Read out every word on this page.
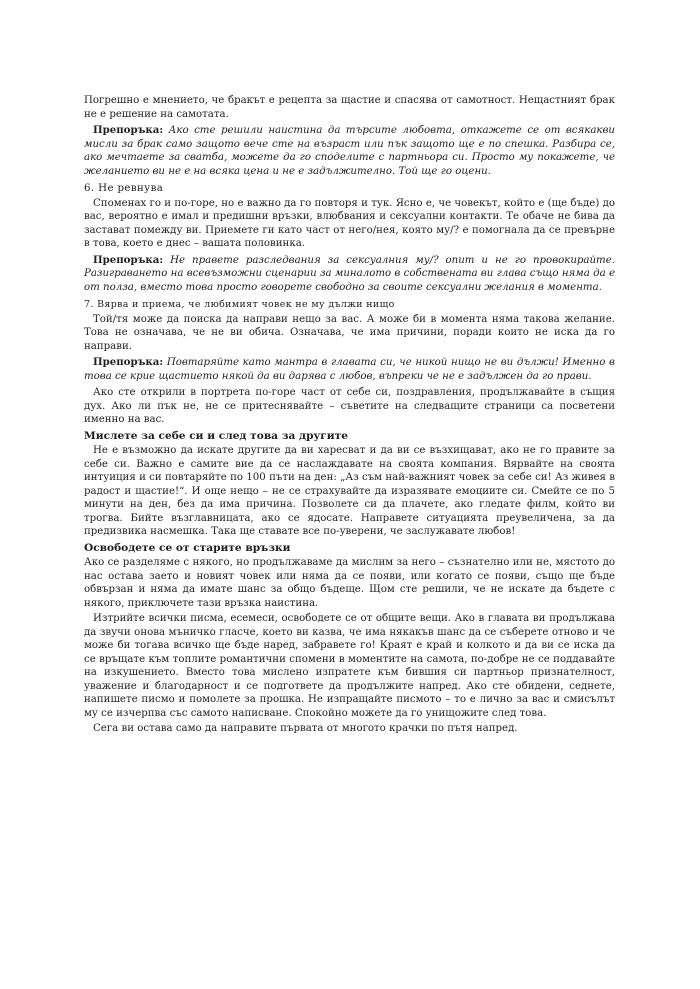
Погрешно е мнението, че бракът е рецепта за щастие и спасява от самотност. Нещастният брак не е решение на самотата.

Препоръка: Ако сте решили наистина да търсите любовта, откажете се от всякакви мисли за брак само защото вече сте на възраст или пък защото ще е по спешка. Разбира се, ако мечтаете за сватба, можете да го споделите с партньора си. Просто му покажете, че желанието ви не е на всяка цена и не е задължително. Той ще го оцени.

6. Не ревнува

Споменах го и по-горе, но е важно да го повторя и тук. Ясно е, че човекът, който е (ще бъде) до вас, вероятно е имал и предишни връзки, влюбвания и сексуални контакти. Те обаче не бива да застават помежду ви. Приемете ги като част от него/нея, която му/? е помогнала да се превърне в това, което е днес – вашата половинка.

Препоръка: Не правете разследвания за сексуалния му/? опит и не го провокирайте. Разиграването на всевъзможни сценарии за миналото в собствената ви глава също няма да е от полза, вместо това просто говорете свободно за своите сексуални желания в момента.

7. Вярва и приема, че любимият човек не му дължи нищо

Той/тя може да поиска да направи нещо за вас. А може би в момента няма такова желание. Това не означава, че не ви обича. Означава, че има причини, поради които не иска да го направи.

Препоръка: Повтаряйте като мантра в главата си, че никой нищо не ви дължи! Именно в това се крие щастието някой да ви дарява с любов, въпреки че не е задължен да го прави.

Ако сте открили в портрета по-горе част от себе си, поздравления, продължавайте в същия дух. Ако ли пък не, не се притеснявайте – съветите на следващите страници са посветени именно на вас.

Мислете за себе си и след това за другите

Не е възможно да искате другите да ви харесват и да ви се възхищават, ако не го правите за себе си. Важно е самите вие да се наслаждавате на своята компания. Вярвайте на своята интуиция и си повтаряйте по 100 пъти на ден: „Аз съм най-важният човек за себе си! Аз живея в радост и щастие!“. И още нещо – не се страхувайте да изразявате емоциите си. Смейте се по 5 минути на ден, без да има причина. Позволете си да плачете, ако гледате филм, който ви трогва. Бийте възглавницата, ако се ядосате. Направете ситуацията преувеличена, за да предизвика насмешка. Така ще ставате все по-уверени, че заслужавате любов!

Освободете се от старите връзки

Ако се разделяме с някого, но продължаваме да мислим за него – съзнателно или не, мястото до нас остава заето и новият човек или няма да се появи, или когато се появи, също ще бъде обвързан и няма да имате шанс за общо бъдеще. Щом сте решили, че не искате да бъдете с някого, приключете тази връзка наистина.

Изтрийте всички писма, есемеси, освободете се от общите вещи. Ако в главата ви продължава да звучи онова мъничко гласче, което ви казва, че има някакъв шанс да се съберете отново и че може би тогава всичко ще бъде наред, забравете го! Краят е край и колкото и да ви се иска да се връщате към топлите романтични спомени в моментите на самота, по-добре не се поддавайте на изкушението. Вместо това мислено изпратете към бившия си партньор признателност, уважение и благодарност и се подгответе да продължите напред. Ако сте обидени, седнете, напишете писмо и помолете за прошка. Не изпращайте писмото – то е лично за вас и смисълът му се изчерпва със самото написване. Спокойно можете да го унищожите след това.

Сега ви остава само да направите първата от многото крачки по пътя напред.
